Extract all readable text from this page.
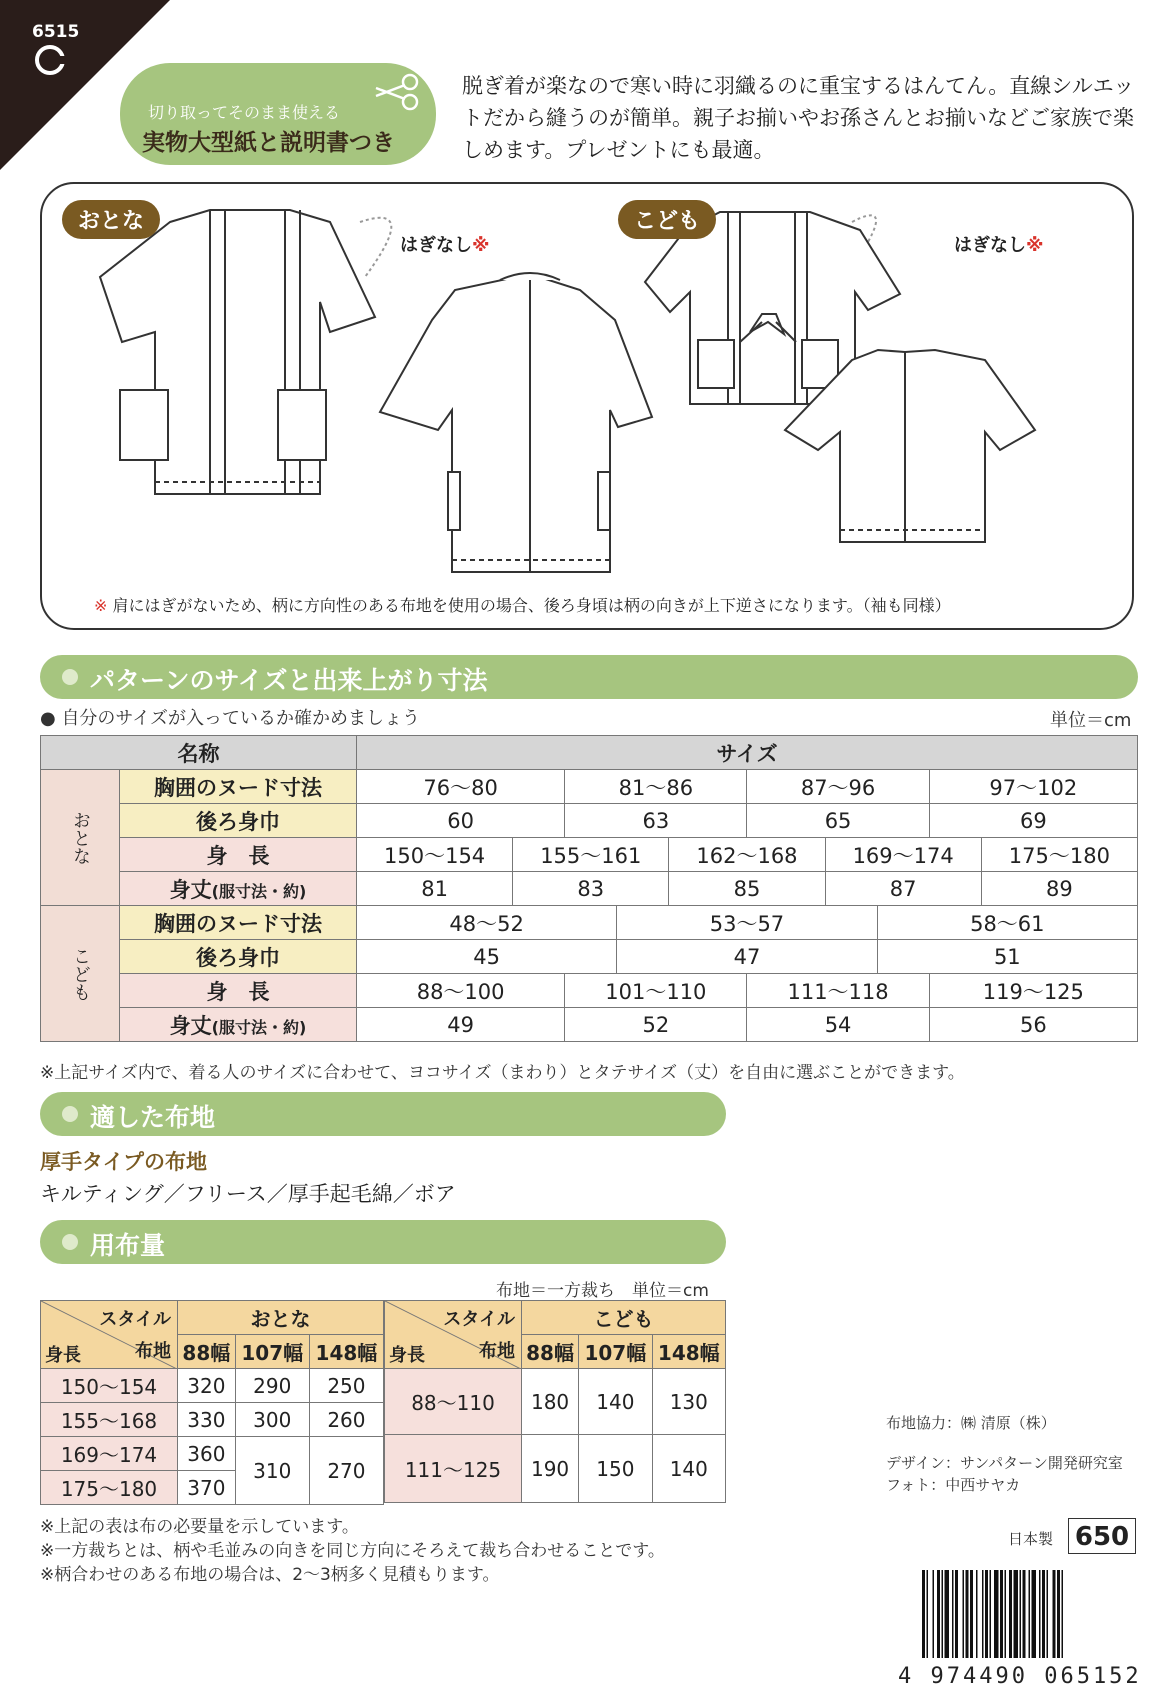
6515
切り取ってそのまま使える
実物大型紙と説明書つき
脱ぎ着が楽なので寒い時に羽織るのに重宝するはんてん。直線シルエットだから縫うのが簡単。親子お揃いやお孫さんとお揃いなどご家族で楽しめます。プレゼントにも最適。
おとな	こども
はぎなし※	はぎなし※
※ 肩にはぎがないため、柄に方向性のある布地を使用の場合、後ろ身頃は柄の向きが上下逆さになります。（袖も同様）
パターンのサイズと出来上がり寸法
● 自分のサイズが入っているか確かめましょう	単位＝cm
名称		サイズ									
おとな	胸囲のヌード寸法	76〜80		81〜86			87〜96			97〜102	
	後ろ身巾	60		63			65			69	
	身　長	150〜154	155〜161			162〜168		169〜174			175〜180
	身丈(服寸法・約)	81	83			85		87			89
こども	胸囲のヌード寸法	48〜52			53〜57				58〜61		
	後ろ身巾	45			47				51		
	身　長	88〜100		101〜110			111〜118			119〜125	
	身丈(服寸法・約)	49		52			54			56	
※上記サイズ内で、着る人のサイズに合わせて、ヨコサイズ（まわり）とタテサイズ（丈）を自由に選ぶことができます。
適した布地
厚手タイプの布地
キルティング／フリース／厚手起毛綿／ボア
用布量
布地＝一方裁ち　単位＝cm
スタイル
布地
身長	おとな		
	88幅	107幅	148幅
150〜154	320	290	250
155〜168	330	300	260
169〜174	360	310	270
175〜180	370		
スタイル
布地
身長	こども		
	88幅	107幅	148幅
88〜110	180	140	130
111〜125	190	150	140
※上記の表は布の必要量を示しています。
※一方裁ちとは、柄や毛並みの向きを同じ方向にそろえて裁ち合わせることです。
※柄合わせのある布地の場合は、2〜3柄多く見積もります。
布地協力：㈱ 清原（株）
デザイン：サンパターン開発研究室
フォト：中西サヤカ
日本製 650
4 974490 065152
